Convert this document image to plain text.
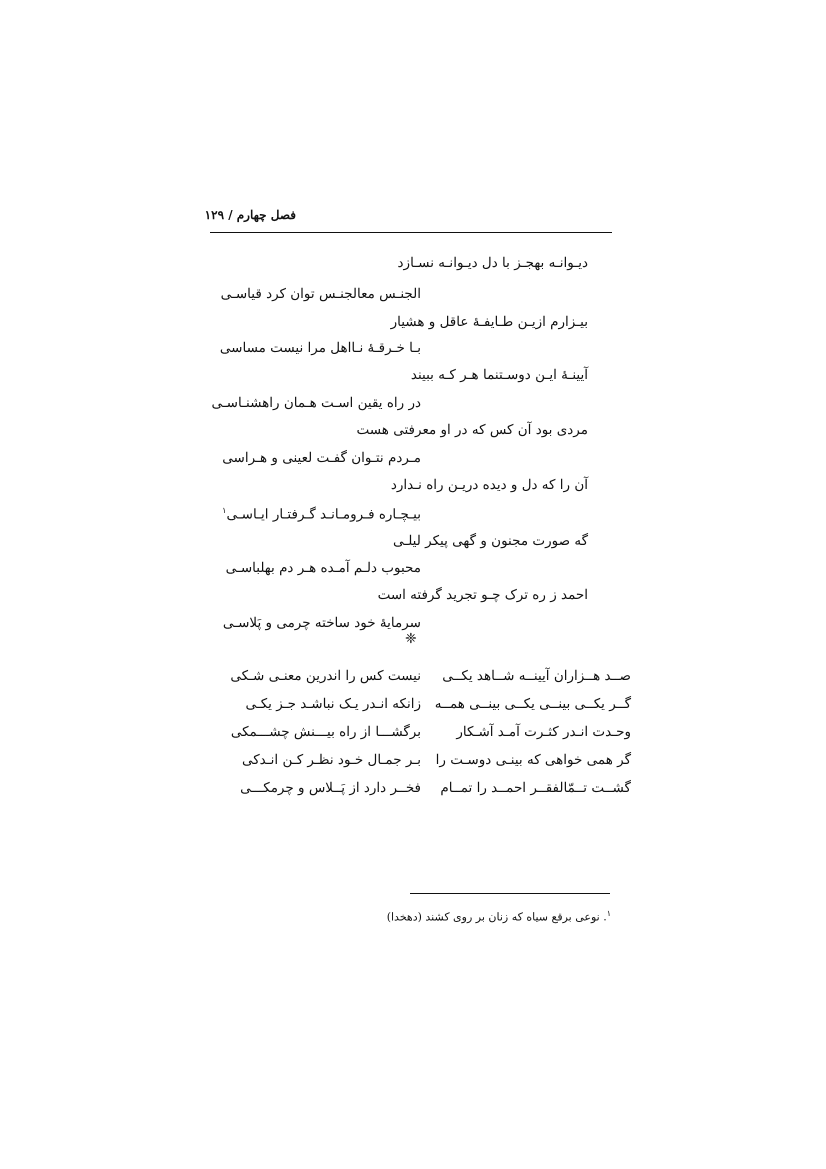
فصل چهارم / ۱۲۹
دیـوانـه بهجـز با دل دیـوانـه نسـازد
الجنـس معالجنـس توان کرد قیاسـی
بیـزارم ازیـن طـایفـهٔ عاقل و هشیار
بـا خـرقـهٔ نـااهل مرا نیست مساسی
آیینـهٔ ایـن دوسـتنما هـر کـه ببیند
در راه یقین اسـت هـمان راهشنـاسـی
مردی بود آن کس که در او معرفتی هست
مـردم نتـوان گفـت لعینی و هـراسی
آن را که دل و دیده دریـن راه نـدارد
بیـچـاره فـرومـانـد گـرفتـار ایـاسـی$^۱$
گه صورت مجنون و گهی پیکر لیلـی
محبوب دلـم آمـده هـر دم بهلباسـی
احمد ز ره ترک چـو تجرید گرفته است
سرمایهٔ خود ساخته چرمی و پَلاسـی
❈
صــد هــزاران آیینــه شــاهد یکــی
نیست کس را اندرین معنـی شـکی
گــر یکــی بینــی یکــی بینــی همــه
زانکه انـدر یـک نباشـد جـز یکـی
وحـدت انـدر کثـرت آمـد آشـکار
برگشـــا از راه بیـــنش چشـــمکی
گر همی خواهی که بینـی دوسـت را
بـر جمـال خـود نظـر کـن انـدکی
گشــت تــمّالفقــر احمــد را تمــام
فخــر دارد از پَــلاس و چرمکـــی
$^۱$. نوعی برقع سیاه که زنان بر روی کشند (دهخدا)
